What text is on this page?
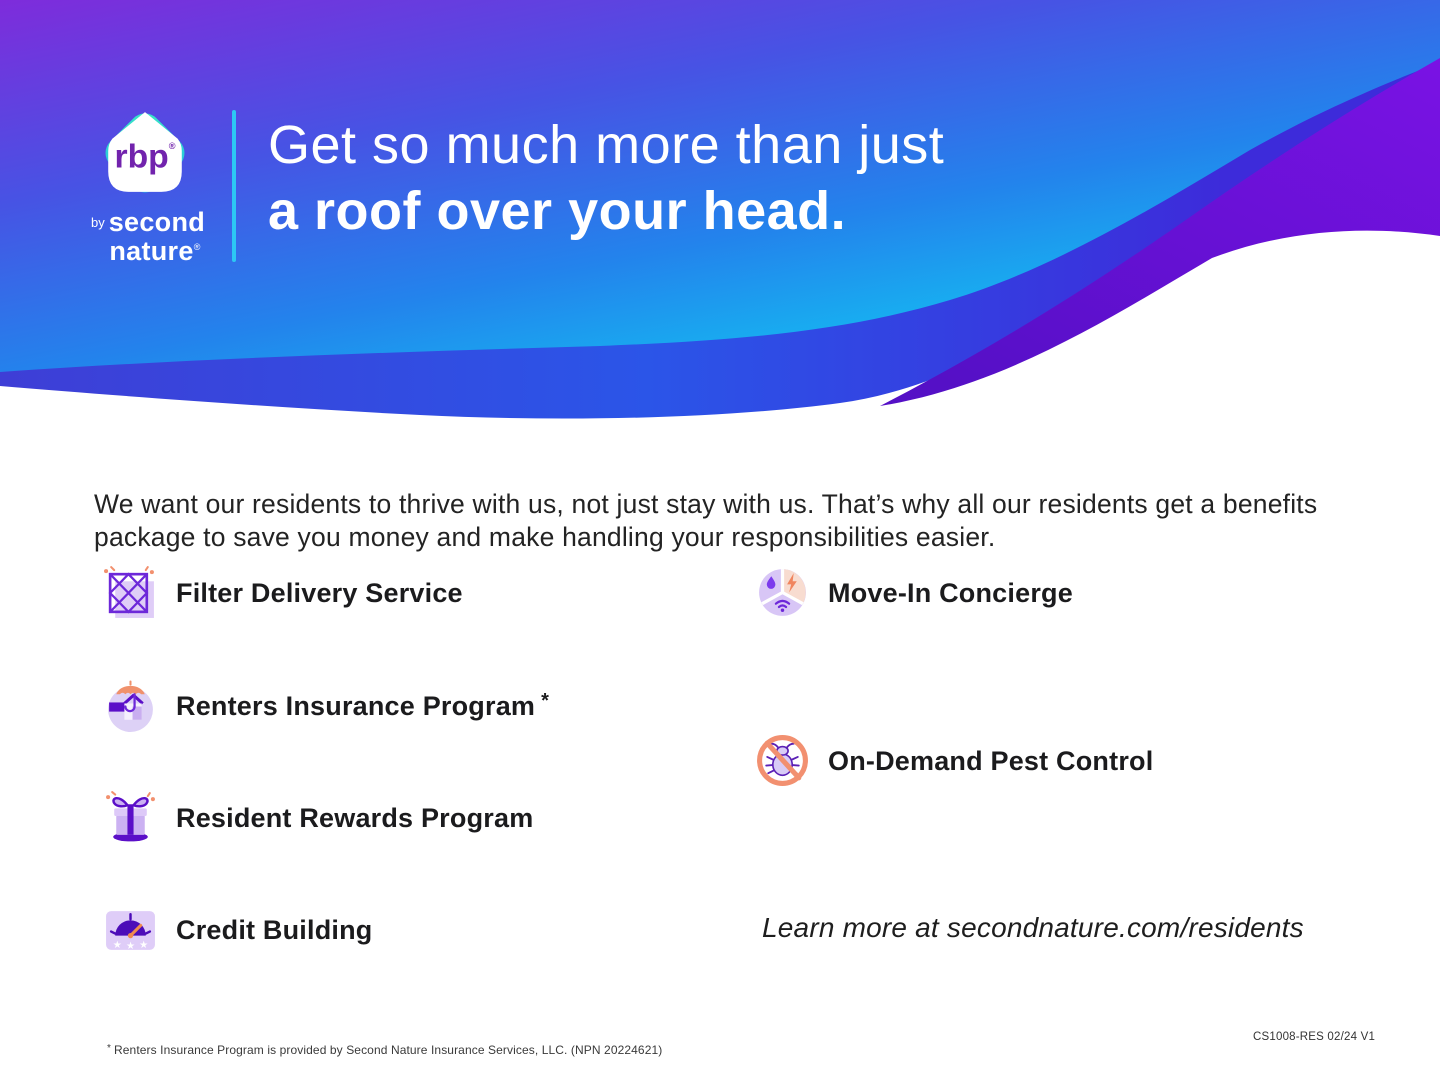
rbp®
$^{by}$ second
nature®
Get so much more than just
a roof over your head.

We want our residents to thrive with us, not just stay with us. That’s why all our residents get a benefits package to save you money and make handling your responsibilities easier.

Filter Delivery Service
Renters Insurance Program *
Resident Rewards Program
★ ★ ★
Credit Building
Move-In Concierge
On-Demand Pest Control
Learn more at secondnature.com/residents
* Renters Insurance Program is provided by Second Nature Insurance Services, LLC. (NPN 20224621)
CS1008-RES 02/24 V1
